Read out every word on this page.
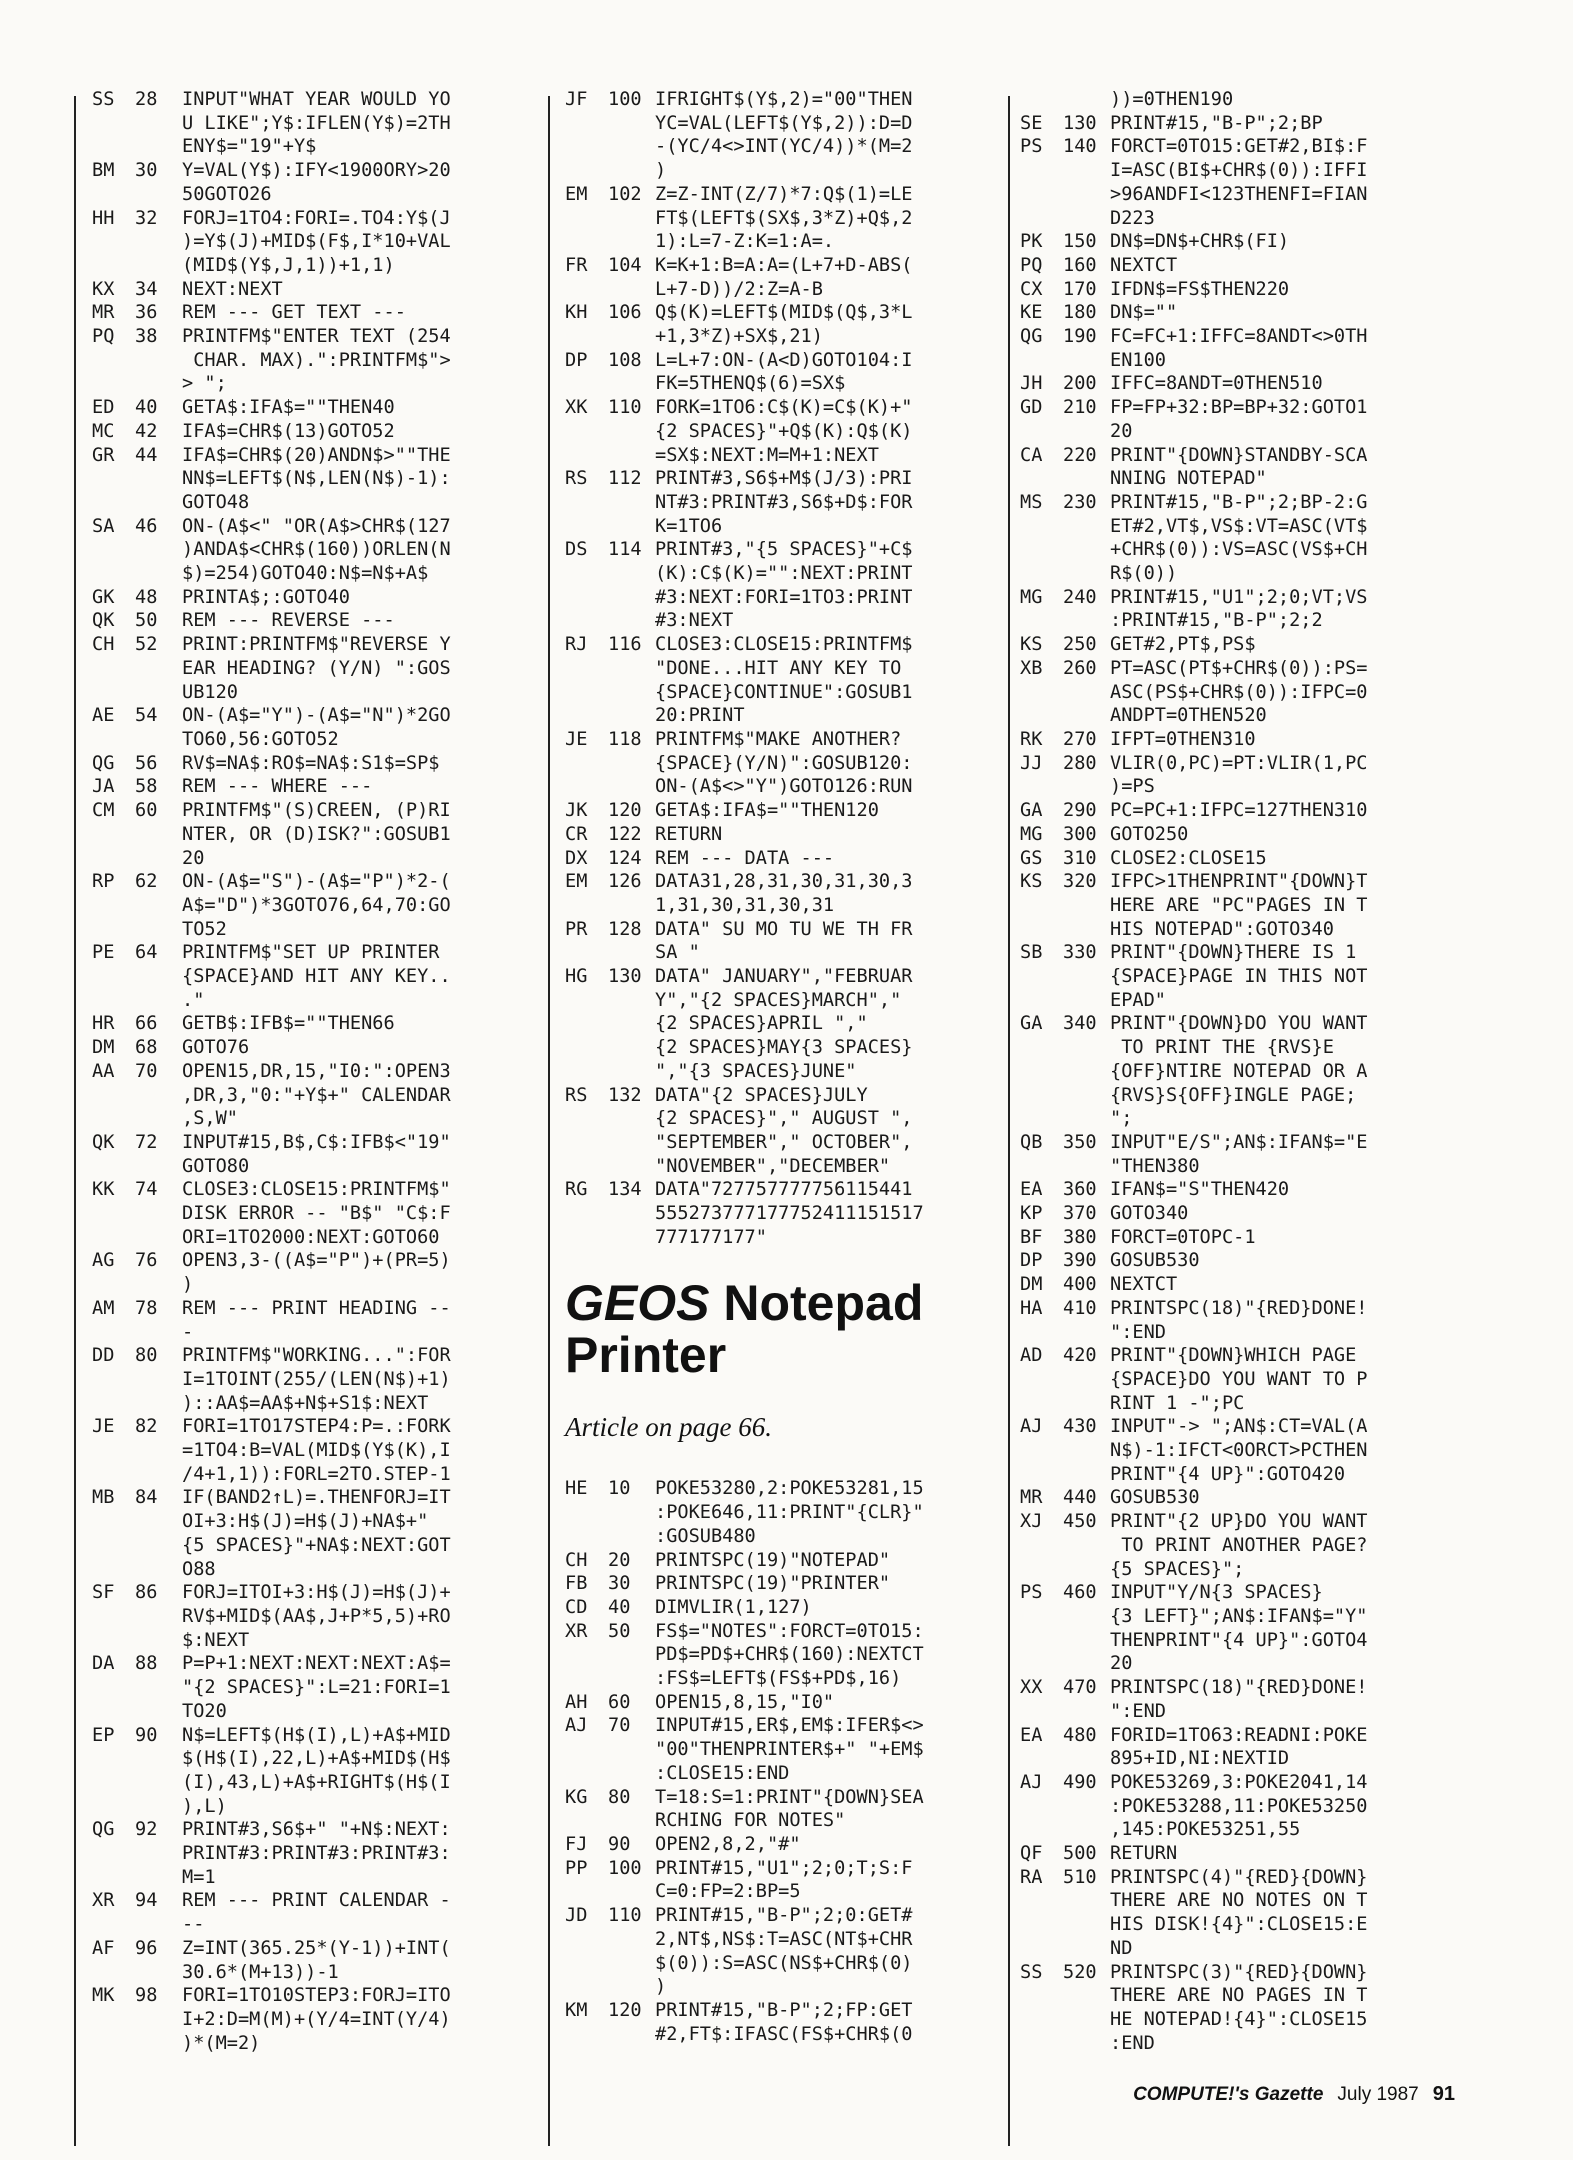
SS	28	INPUT"WHAT YEAR WOULD YO
U LIKE";Y$:IFLEN(Y$)=2TH
ENY$="19"+Y$
BM	30	Y=VAL(Y$):IFY<1900ORY>20
50GOTO26
HH	32	FORJ=1TO4:FORI=.TO4:Y$(J
)=Y$(J)+MID$(F$,I*10+VAL
(MID$(Y$,J,1))+1,1)
KX	34	NEXT:NEXT
MR	36	REM --- GET TEXT ---
PQ	38	PRINTFM$"ENTER TEXT (254
CHAR. MAX).":PRINTFM$">
> ";
ED	40	GETA$:IFA$=""THEN40
MC	42	IFA$=CHR$(13)GOTO52
GR	44	IFA$=CHR$(20)ANDN$>""THE
NN$=LEFT$(N$,LEN(N$)-1):
GOTO48
SA	46	ON-(A$<" "OR(A$>CHR$(127
)ANDA$<CHR$(160))ORLEN(N
$)=254)GOTO40:N$=N$+A$
GK	48	PRINTA$;:GOTO40
QK	50	REM --- REVERSE ---
CH	52	PRINT:PRINTFM$"REVERSE Y
EAR HEADING? (Y/N) ":GOS
UB120
AE	54	ON-(A$="Y")-(A$="N")*2GO
TO60,56:GOTO52
QG	56	RV$=NA$:RO$=NA$:S1$=SP$
JA	58	REM --- WHERE ---
CM	60	PRINTFM$"(S)CREEN, (P)RI
NTER, OR (D)ISK?":GOSUB1
20
RP	62	ON-(A$="S")-(A$="P")*2-(
A$="D")*3GOTO76,64,70:GO
TO52
PE	64	PRINTFM$"SET UP PRINTER
{SPACE}AND HIT ANY KEY..
."
HR	66	GETB$:IFB$=""THEN66
DM	68	GOTO76
AA	70	OPEN15,DR,15,"I0:":OPEN3
,DR,3,"0:"+Y$+" CALENDAR
,S,W"
QK	72	INPUT#15,B$,C$:IFB$<"19"
GOTO80
KK	74	CLOSE3:CLOSE15:PRINTFM$"
DISK ERROR -- "B$" "C$:F
ORI=1TO2000:NEXT:GOTO60
AG	76	OPEN3,3-((A$="P")+(PR=5)
)
AM	78	REM --- PRINT HEADING --
-
DD	80	PRINTFM$"WORKING...":FOR
I=1TOINT(255/(LEN(N$)+1)
)::AA$=AA$+N$+S1$:NEXT
JE	82	FORI=1TO17STEP4:P=.:FORK
=1TO4:B=VAL(MID$(Y$(K),I
/4+1,1)):FORL=2TO.STEP-1
MB	84	IF(BAND2↑L)=.THENFORJ=IT
OI+3:H$(J)=H$(J)+NA$+"
{5 SPACES}"+NA$:NEXT:GOT
O88
SF	86	FORJ=ITOI+3:H$(J)=H$(J)+
RV$+MID$(AA$,J+P*5,5)+RO
$:NEXT
DA	88	P=P+1:NEXT:NEXT:NEXT:A$=
"{2 SPACES}":L=21:FORI=1
TO20
EP	90	N$=LEFT$(H$(I),L)+A$+MID
$(H$(I),22,L)+A$+MID$(H$
(I),43,L)+A$+RIGHT$(H$(I
),L)
QG	92	PRINT#3,S6$+" "+N$:NEXT:
PRINT#3:PRINT#3:PRINT#3:
M=1
XR	94	REM --- PRINT CALENDAR -
--
AF	96	Z=INT(365.25*(Y-1))+INT(
30.6*(M+13))-1
MK	98	FORI=1TO10STEP3:FORJ=ITO
I+2:D=M(M)+(Y/4=INT(Y/4)
)*(M=2)
JF	100 IFRIGHT$(Y$,2)="00"THEN
YC=VAL(LEFT$(Y$,2)):D=D
-(YC/4<>INT(YC/4))*(M=2
)
EM	102 Z=Z-INT(Z/7)*7:Q$(1)=LE
FT$(LEFT$(SX$,3*Z)+Q$,2
1):L=7-Z:K=1:A=.
FR	104 K=K+1:B=A:A=(L+7+D-ABS(
L+7-D))/2:Z=A-B
KH	106 Q$(K)=LEFT$(MID$(Q$,3*L
+1,3*Z)+SX$,21)
DP	108 L=L+7:ON-(A<D)GOTO104:I
FK=5THENQ$(6)=SX$
XK	110 FORK=1TO6:C$(K)=C$(K)+"
{2 SPACES}"+Q$(K):Q$(K)
=SX$:NEXT:M=M+1:NEXT
RS	112 PRINT#3,S6$+M$(J/3):PRI
NT#3:PRINT#3,S6$+D$:FOR
K=1TO6
DS	114 PRINT#3,"{5 SPACES}"+C$
(K):C$(K)="":NEXT:PRINT
#3:NEXT:FORI=1TO3:PRINT
#3:NEXT
RJ	116 CLOSE3:CLOSE15:PRINTFM$
"DONE...HIT ANY KEY TO
{SPACE}CONTINUE":GOSUB1
20:PRINT
JE	118 PRINTFM$"MAKE ANOTHER?
{SPACE}(Y/N)":GOSUB120:
ON-(A$<>"Y")GOTO126:RUN
JK	120 GETA$:IFA$=""THEN120
CR	122 RETURN
DX	124 REM --- DATA ---
EM	126 DATA31,28,31,30,31,30,3
1,31,30,31,30,31
PR	128 DATA" SU MO TU WE TH FR
SA "
HG	130 DATA" JANUARY","FEBRUAR
Y","{2 SPACES}MARCH","
{2 SPACES}APRIL ","
{2 SPACES}MAY{3 SPACES}
","{3 SPACES}JUNE"
RS	132 DATA"{2 SPACES}JULY
{2 SPACES}"," AUGUST ",
"SEPTEMBER"," OCTOBER",
"NOVEMBER","DECEMBER"
RG	134 DATA"727757777756115441
555273777177752411151517
777177177"
GEOS Notepad
Printer
Article on page 66.
HE	10	POKE53280,2:POKE53281,15
:POKE646,11:PRINT"{CLR}"
:GOSUB480
CH	20	PRINTSPC(19)"NOTEPAD"
FB	30	PRINTSPC(19)"PRINTER"
CD	40	DIMVLIR(1,127)
XR	50	FS$="NOTES":FORCT=0TO15:
PD$=PD$+CHR$(160):NEXTCT
:FS$=LEFT$(FS$+PD$,16)
AH	60	OPEN15,8,15,"I0"
AJ	70	INPUT#15,ER$,EM$:IFER$<>
"00"THENPRINTER$+" "+EM$
:CLOSE15:END
KG	80	T=18:S=1:PRINT"{DOWN}SEA
RCHING FOR NOTES"
FJ	90	OPEN2,8,2,"#"
PP	100 PRINT#15,"U1";2;0;T;S:F
C=0:FP=2:BP=5
JD	110 PRINT#15,"B-P";2;0:GET#
2,NT$,NS$:T=ASC(NT$+CHR
$(0)):S=ASC(NS$+CHR$(0)
)
KM	120 PRINT#15,"B-P";2;FP:GET
#2,FT$:IFASC(FS$+CHR$(0
))=0THEN190
SE	130 PRINT#15,"B-P";2;BP
PS	140 FORCT=0TO15:GET#2,BI$:F
I=ASC(BI$+CHR$(0)):IFFI
>96ANDFI<123THENFI=FIAN
D223
PK	150 DN$=DN$+CHR$(FI)
PQ	160 NEXTCT
CX	170 IFDN$=FS$THEN220
KE	180 DN$=""
QG	190 FC=FC+1:IFFC=8ANDT<>0TH
EN100
JH	200 IFFC=8ANDT=0THEN510
GD	210 FP=FP+32:BP=BP+32:GOTO1
20
CA	220 PRINT"{DOWN}STANDBY-SCA
NNING NOTEPAD"
MS	230 PRINT#15,"B-P";2;BP-2:G
ET#2,VT$,VS$:VT=ASC(VT$
+CHR$(0)):VS=ASC(VS$+CH
R$(0))
MG	240 PRINT#15,"U1";2;0;VT;VS
:PRINT#15,"B-P";2;2
KS	250 GET#2,PT$,PS$
XB	260 PT=ASC(PT$+CHR$(0)):PS=
ASC(PS$+CHR$(0)):IFPC=0
ANDPT=0THEN520
RK	270 IFPT=0THEN310
JJ	280 VLIR(0,PC)=PT:VLIR(1,PC
)=PS
GA	290 PC=PC+1:IFPC=127THEN310
MG	300 GOTO250
GS	310 CLOSE2:CLOSE15
KS	320 IFPC>1THENPRINT"{DOWN}T
HERE ARE "PC"PAGES IN T
HIS NOTEPAD":GOTO340
SB	330 PRINT"{DOWN}THERE IS 1
{SPACE}PAGE IN THIS NOT
EPAD"
GA	340 PRINT"{DOWN}DO YOU WANT
TO PRINT THE {RVS}E
{OFF}NTIRE NOTEPAD OR A
{RVS}S{OFF}INGLE PAGE;
";
QB	350 INPUT"E/S";AN$:IFAN$="E
"THEN380
EA	360 IFAN$="S"THEN420
KP	370 GOTO340
BF	380 FORCT=0TOPC-1
DP	390 GOSUB530
DM	400 NEXTCT
HA	410 PRINTSPC(18)"{RED}DONE!
":END
AD	420 PRINT"{DOWN}WHICH PAGE
{SPACE}DO YOU WANT TO P
RINT 1 -";PC
AJ	430 INPUT"-> ";AN$:CT=VAL(A
N$)-1:IFCT<0ORCT>PCTHEN
PRINT"{4 UP}":GOTO420
MR	440 GOSUB530
XJ	450 PRINT"{2 UP}DO YOU WANT
TO PRINT ANOTHER PAGE?
{5 SPACES}";
PS	460 INPUT"Y/N{3 SPACES}
{3 LEFT}";AN$:IFAN$="Y"
THENPRINT"{4 UP}":GOTO4
20
XX	470 PRINTSPC(18)"{RED}DONE!
":END
EA	480 FORID=1TO63:READNI:POKE
895+ID,NI:NEXTID
AJ	490 POKE53269,3:POKE2041,14
:POKE53288,11:POKE53250
,145:POKE53251,55
QF	500 RETURN
RA	510 PRINTSPC(4)"{RED}{DOWN}
THERE ARE NO NOTES ON T
HIS DISK!{4}":CLOSE15:E
ND
SS	520 PRINTSPC(3)"{RED}{DOWN}
THERE ARE NO PAGES IN T
HE NOTEPAD!{4}":CLOSE15
:END
COMPUTE!'s Gazette July 1987 91
